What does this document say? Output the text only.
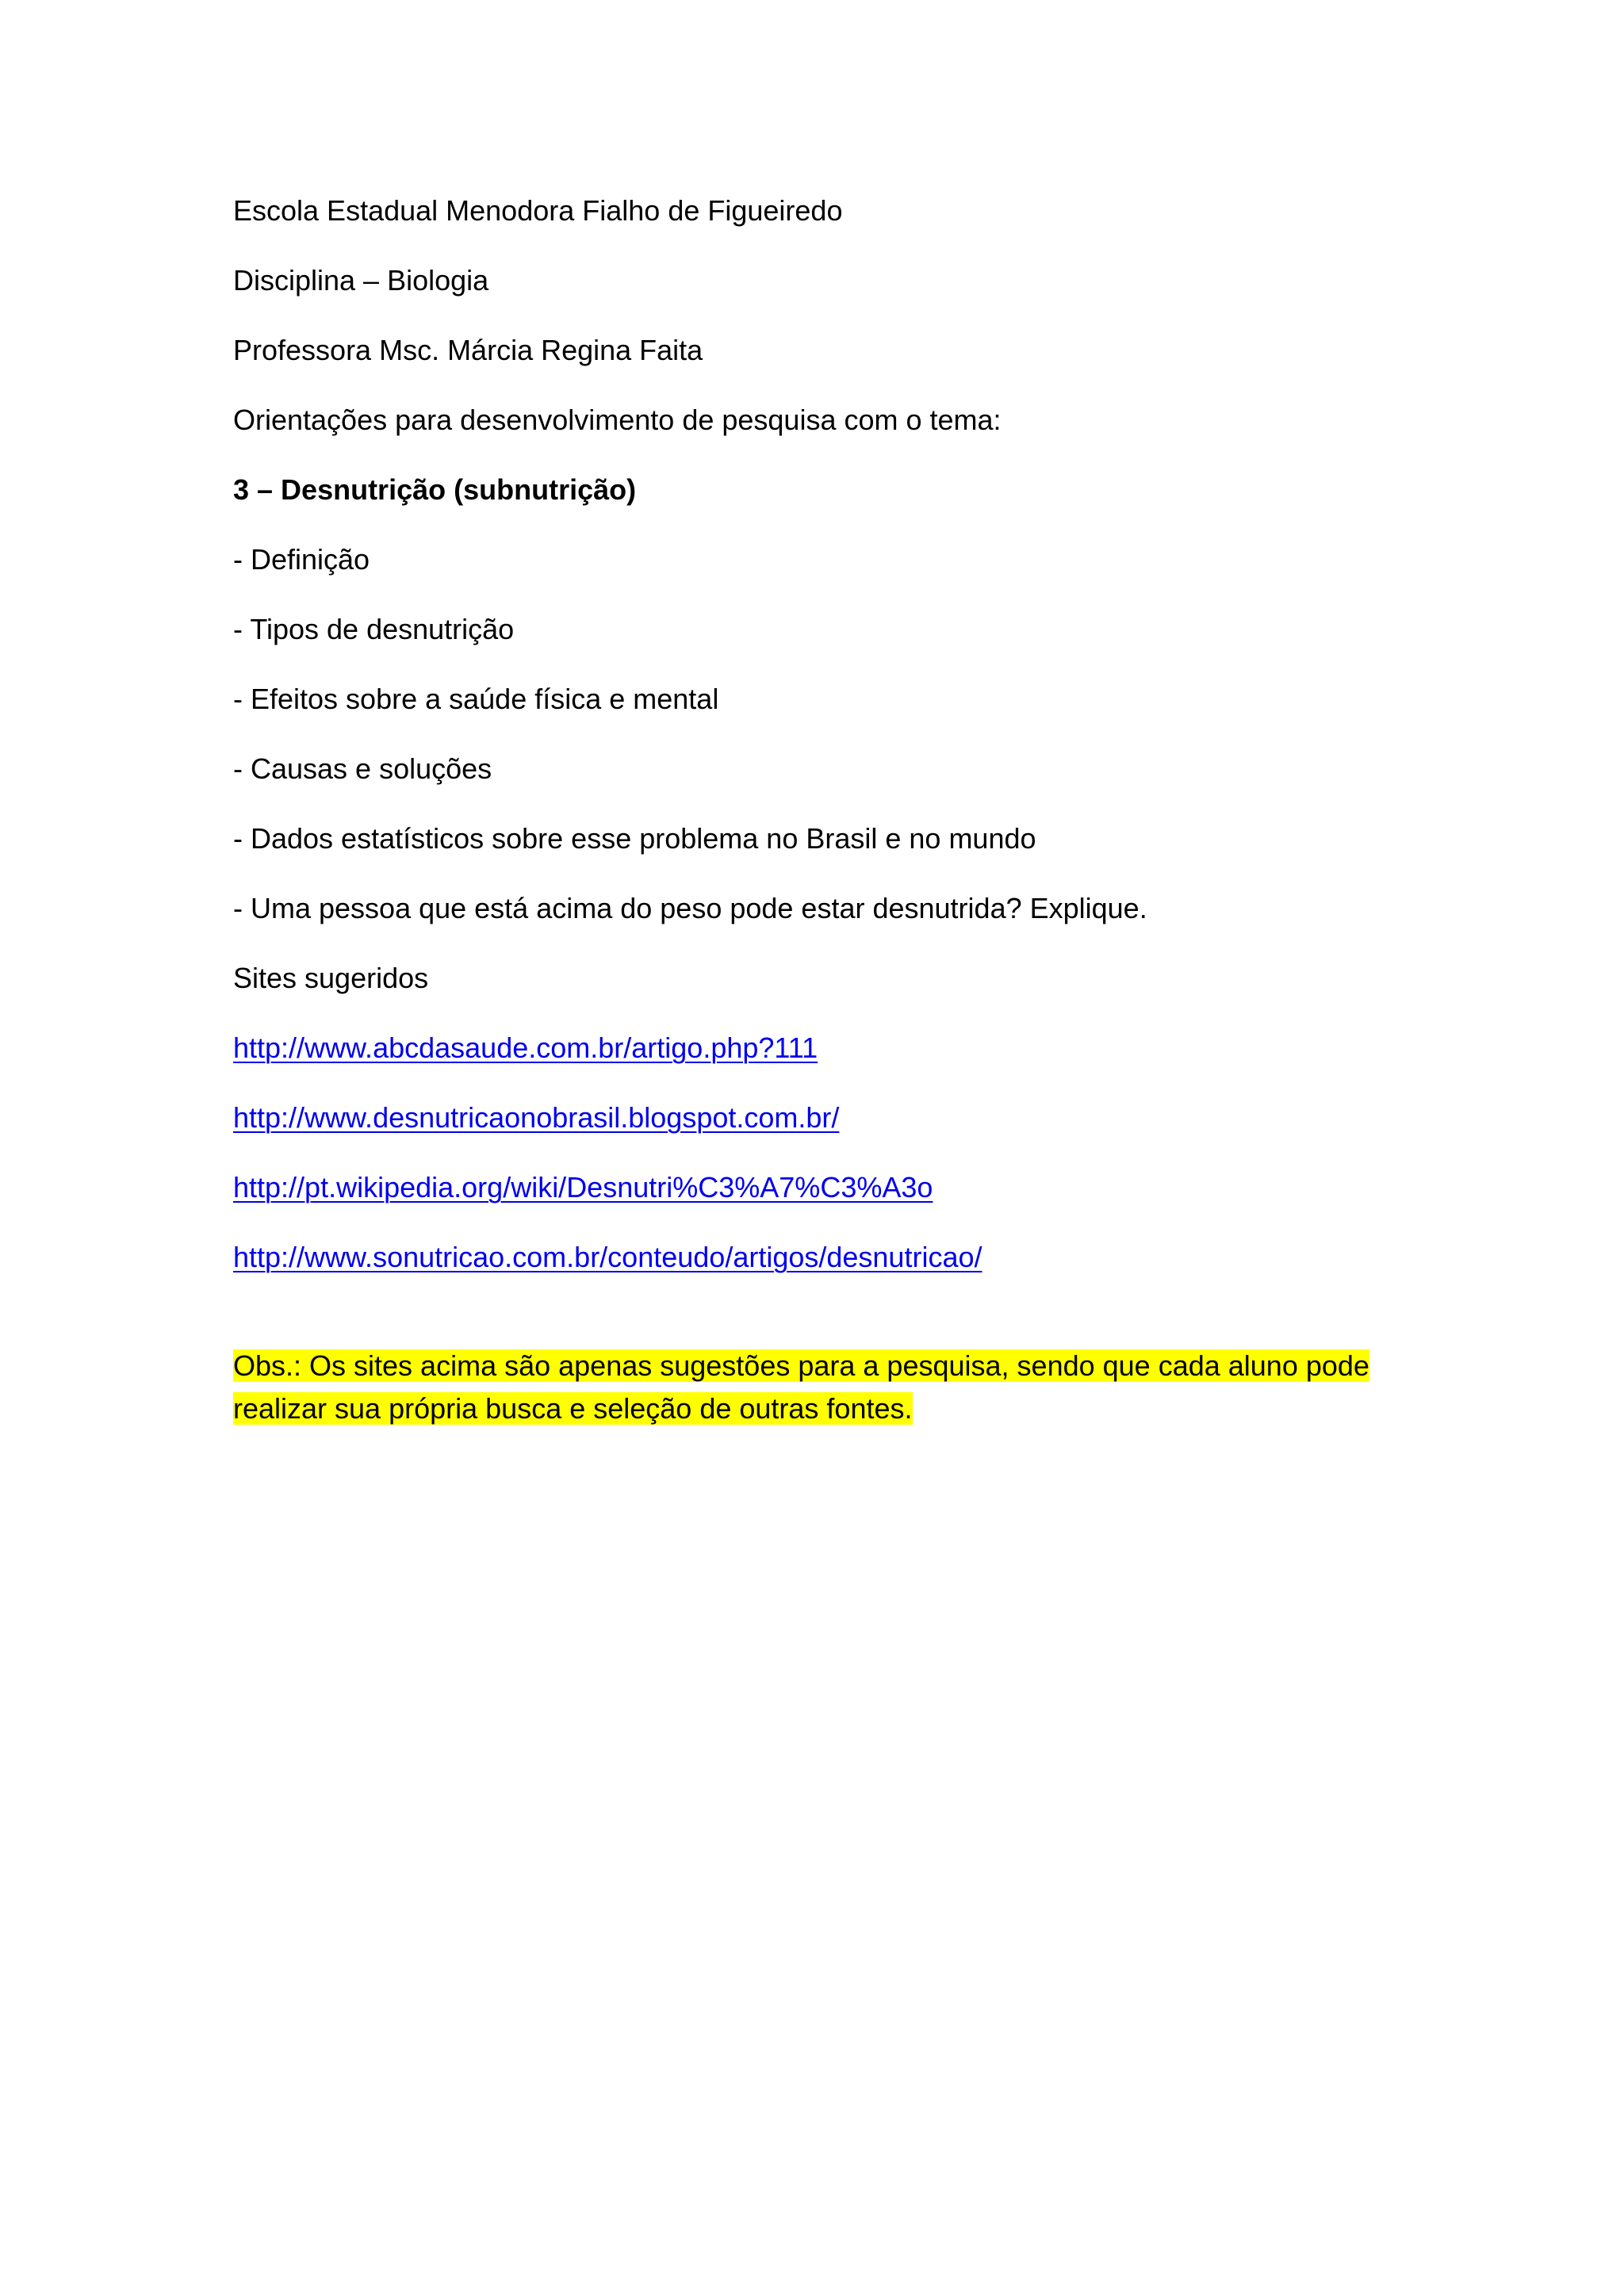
Escola Estadual Menodora Fialho de Figueiredo
Disciplina – Biologia
Professora Msc. Márcia Regina Faita
Orientações para desenvolvimento de pesquisa com o tema:
3 – Desnutrição (subnutrição)
- Definição
- Tipos de desnutrição
- Efeitos sobre a saúde física e mental
- Causas e soluções
- Dados estatísticos sobre esse problema no Brasil e no mundo
- Uma pessoa que está acima do peso pode estar desnutrida? Explique.
Sites sugeridos
http://www.abcdasaude.com.br/artigo.php?111
http://www.desnutricaonobrasil.blogspot.com.br/
http://pt.wikipedia.org/wiki/Desnutri%C3%A7%C3%A3o
http://www.sonutricao.com.br/conteudo/artigos/desnutricao/
Obs.: Os sites acima são apenas sugestões para a pesquisa, sendo que cada aluno pode
realizar sua própria busca e seleção de outras fontes.
